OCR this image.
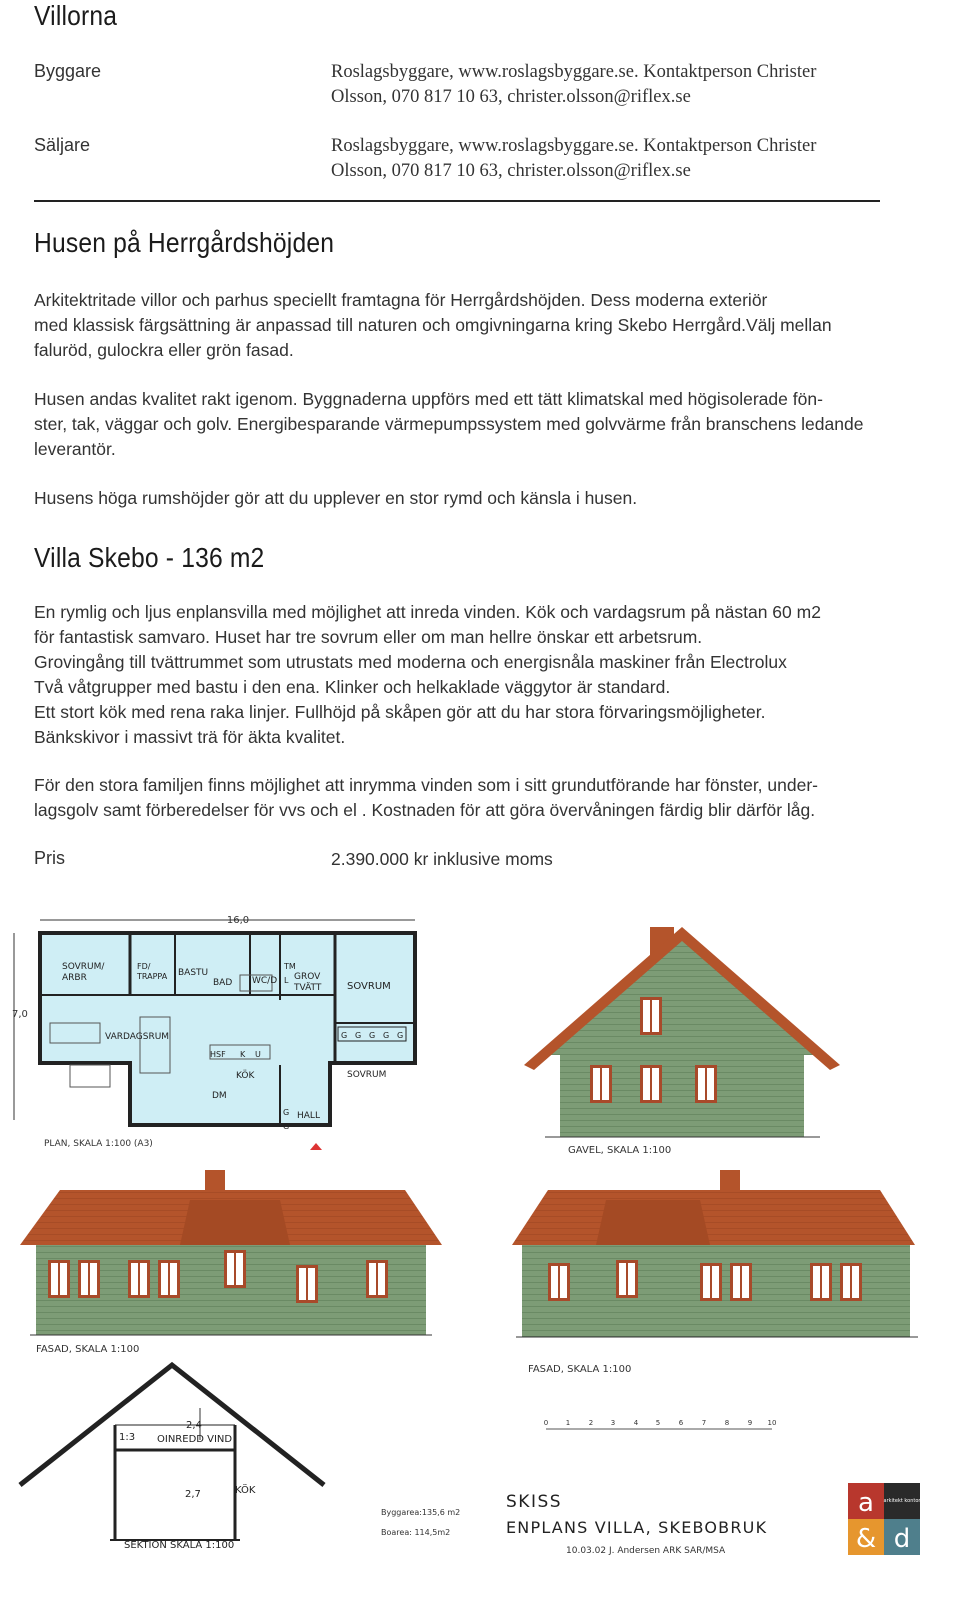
Villorna
Byggare	Roslagsbyggare, www.roslagsbyggare.se. Kontaktperson Christer
Olsson, 070 817 10 63, christer.olsson@riflex.se
Säljare	Roslagsbyggare, www.roslagsbyggare.se. Kontaktperson Christer
Olsson, 070 817 10 63, christer.olsson@riflex.se
Husen på Herrgårdshöjden

Arkitektritade villor och parhus speciellt framtagna för Herrgårdshöjden. Dess moderna exteriör

med klassisk färgsättning är anpassad till naturen och omgivningarna kring Skebo Herrgård.Välj mellan

faluröd, gulockra eller grön fasad.

Husen andas kvalitet rakt igenom. Byggnaderna uppförs med ett tätt klimatskal med högisolerade fön-

ster, tak, väggar och golv. Energibesparande värmepumpssystem med golvvärme från branschens ledande

leverantör.

Husens höga rumshöjder gör att du upplever en stor rymd och känsla i husen.

Villa Skebo - 136 m2

En rymlig och ljus enplansvilla med möjlighet att inreda vinden. Kök och vardagsrum på nästan 60 m2

för fantastisk samvaro. Huset har tre sovrum eller om man hellre önskar ett arbetsrum.

Grovingång till tvättrummet som utrustats med moderna och energisnåla maskiner från Electrolux

Två våtgrupper med bastu i den ena. Klinker och helkaklade väggytor är standard.

Ett stort kök med rena raka linjer. Fullhöjd på skåpen gör att du har stora förvaringsmöjligheter.

Bänkskivor i massivt trä för äkta kvalitet.

För den stora familjen finns möjlighet att inrymma vinden som i sitt grundutförande har fönster, under-

lagsgolv samt förberedelser för vvs och el . Kostnaden för att göra övervåningen färdig blir därför låg.

Pris	2.390.000 kr inklusive moms
16,0
7,0
SOVRUM/
ARBR
FD/
TRAPPA BASTU
BAD WC/D
TM
L GROV
TVÄTT	SOVRUM
VARDAGSRUM
HSF K U
KÖK	SOVRUM
DM
HALL
G
G
G G G G G
PLAN, SKALA 1:100 (A3)
GAVEL, SKALA 1:100
FASAD, SKALA 1:100
FASAD, SKALA 1:100
2,4
OINREDD VIND
1:3
2,7	KÖK
SEKTION SKALA 1:100
0	1	2	3	4	5	6	7	8	9 10
Byggarea:135,6 m2
Boarea: 114,5m2
SKISS
ENPLANS VILLA, SKEBOBRUK
10.03.02 J. Andersen ARK SAR/MSA
a
& d
arkitekt kontor
